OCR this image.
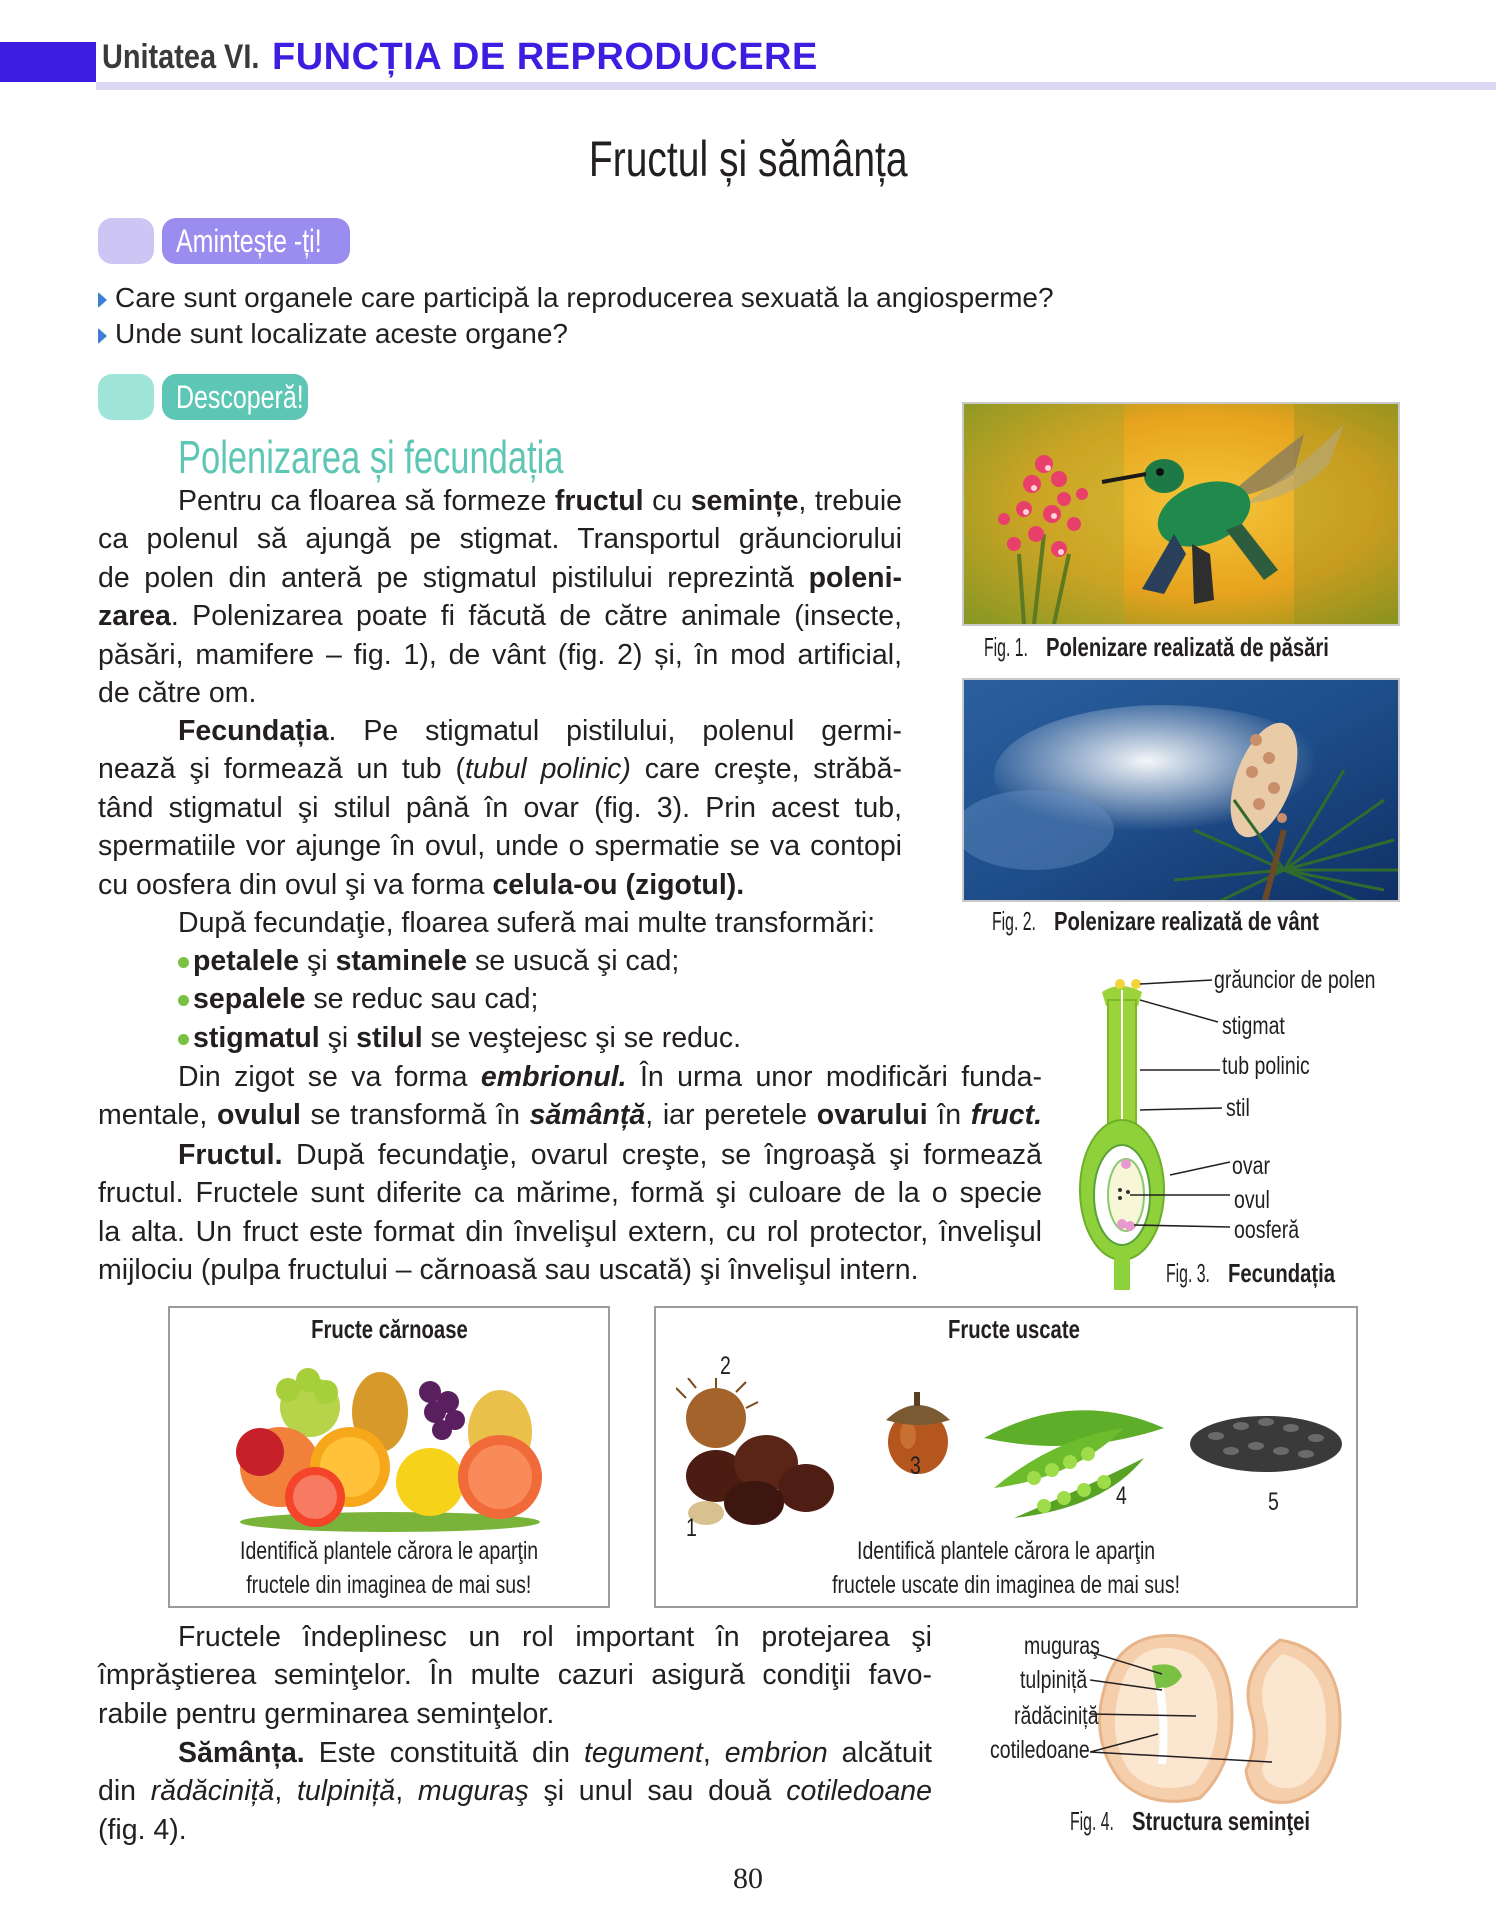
Unitatea VI. FUNCȚIA DE REPRODUCERE
Fructul și sămânța
Amintește -ți!
Care sunt organele care participă la reproducerea sexuată la angiosperme?
Unde sunt localizate aceste organe?
Descoperă!
Polenizarea și fecundația
Pentru ca floarea să formeze fructul cu semințe, trebuie
ca polenul să ajungă pe stigmat. Transportul grăunciorului
de polen din anteră pe stigmatul pistilului reprezintă poleni-
zarea. Polenizarea poate fi făcută de către animale (insecte,
păsări, mamifere – fig. 1), de vânt (fig. 2) și, în mod artificial,
de către om.
Fecundația. Pe stigmatul pistilului, polenul germi-
nează şi formează un tub (tubul polinic) care creşte, străbă-
tând stigmatul şi stilul până în ovar (fig. 3). Prin acest tub,
spermatiile vor ajunge în ovul, unde o spermatie se va contopi
cu oosfera din ovul şi va forma celula-ou (zigotul).
După fecundaţie, floarea suferă mai multe transformări:
petalele şi staminele se usucă şi cad;
sepalele se reduc sau cad;
stigmatul şi stilul se veştejesc şi se reduc.
Din zigot se va forma embrionul. În urma unor modificări funda-
mentale, ovulul se transformă în sămânță, iar peretele ovarului în fruct.
Fructul. După fecundaţie, ovarul creşte, se îngroaşă şi formează
fructul. Fructele sunt diferite ca mărime, formă şi culoare de la o specie
la alta. Un fruct este format din învelişul extern, cu rol protector, învelişul
mijlociu (pulpa fructului – cărnoasă sau uscată) şi învelişul intern.
Fig. 1. Polenizare realizată de păsări
Fig. 2. Polenizare realizată de vânt
grăuncior de polen
stigmat
tub polinic
stil
ovar
ovul
oosferă
Fig. 3. Fecundația
Fructe cărnoase
Identifică plantele cărora le aparţin
fructele din imaginea de mai sus!
Fructe uscate
1
2
3
4	5
Identifică plantele cărora le aparţin
fructele uscate din imaginea de mai sus!
Fructele îndeplinesc un rol important în protejarea şi
împrăştierea seminţelor. În multe cazuri asigură condiţii favo-
rabile pentru germinarea seminţelor.
Sămânța. Este constituită din tegument, embrion alcătuit
din rădăciniță, tulpiniță, muguraş şi unul sau două cotiledoane
(fig. 4).
muguraş
tulpiniță
rădăciniță
cotiledoane
Fig. 4. Structura seminţei
80
